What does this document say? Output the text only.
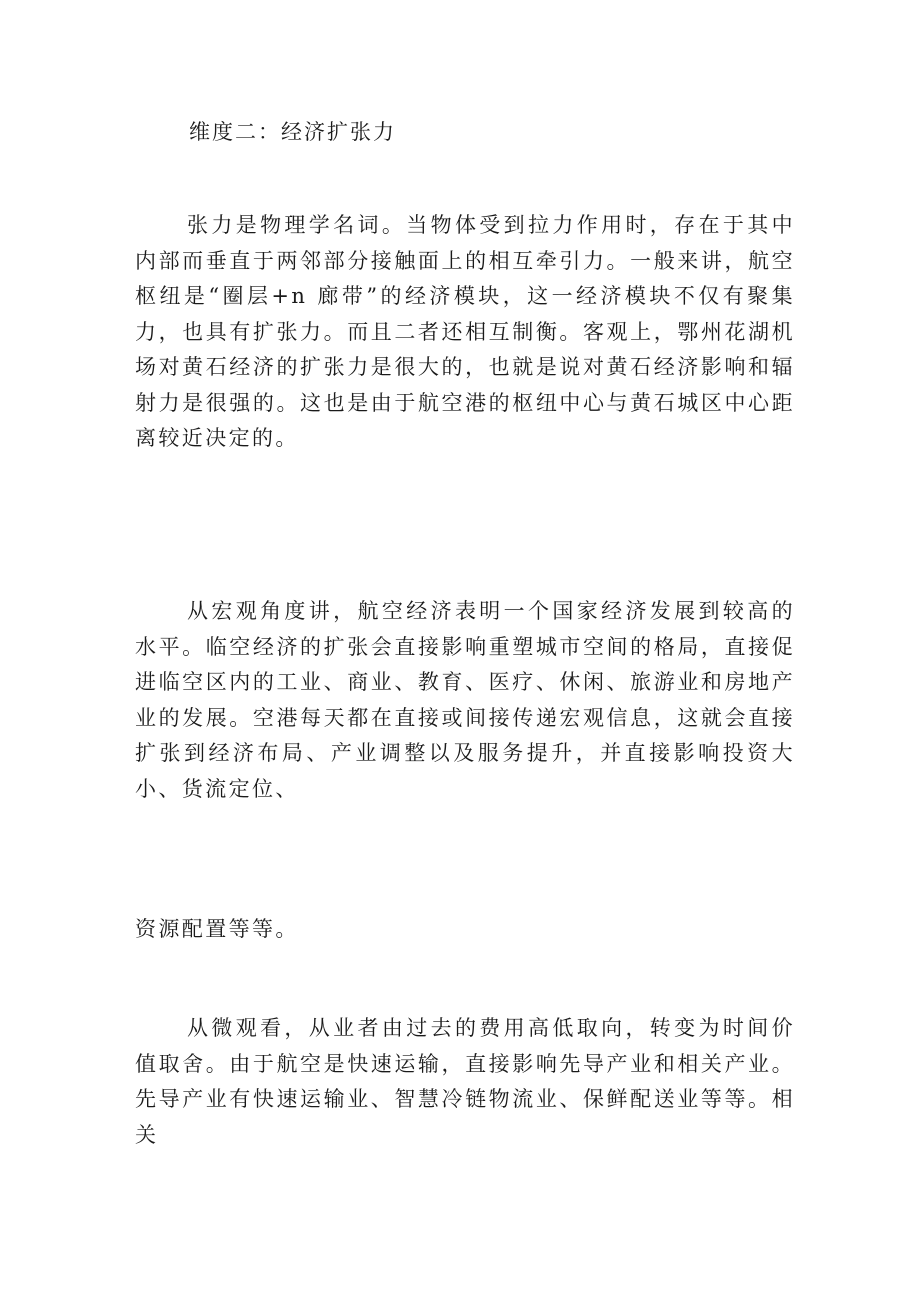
维度二：经济扩张力

张力是物理学名词。当物体受到拉力作用时，存在于其中内部而垂直于两邻部分接触面上的相互牵引力。一般来讲，航空枢纽是“圈层+n 廊带”的经济模块，这一经济模块不仅有聚集力，也具有扩张力。而且二者还相互制衡。客观上，鄂州花湖机场对黄石经济的扩张力是很大的，也就是说对黄石经济影响和辐射力是很强的。这也是由于航空港的枢纽中心与黄石城区中心距离较近决定的。

从宏观角度讲，航空经济表明一个国家经济发展到较高的水平。临空经济的扩张会直接影响重塑城市空间的格局，直接促进临空区内的工业、商业、教育、医疗、休闲、旅游业和房地产业的发展。空港每天都在直接或间接传递宏观信息，这就会直接扩张到经济布局、产业调整以及服务提升，并直接影响投资大小、货流定位、

资源配置等等。

从微观看，从业者由过去的费用高低取向，转变为时间价值取舍。由于航空是快速运输，直接影响先导产业和相关产业。先导产业有快速运输业、智慧冷链物流业、保鲜配送业等等。相关
